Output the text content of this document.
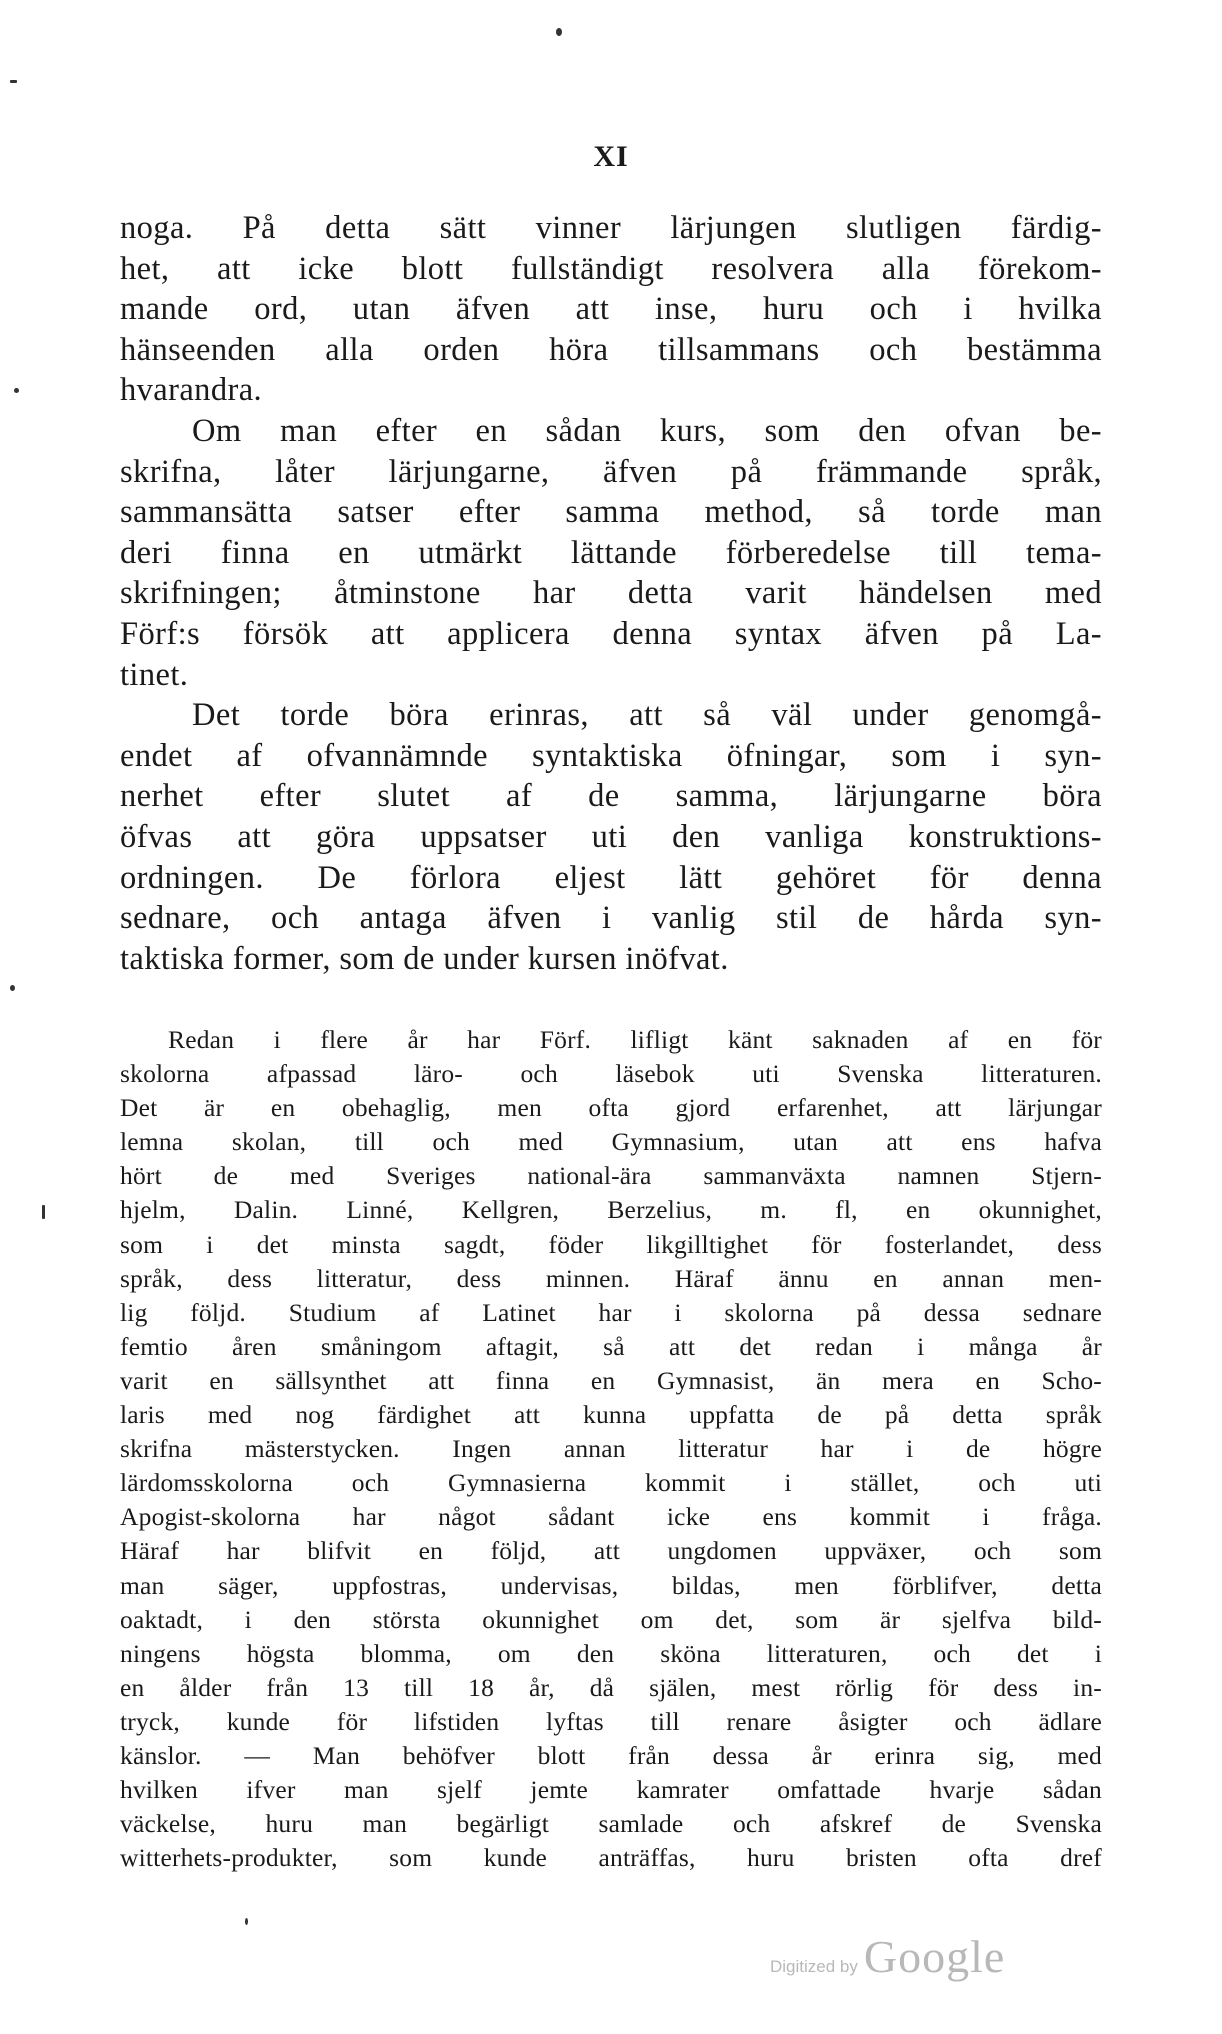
XI
noga. På detta sätt vinner lärjungen slutligen färdig-
het, att icke blott fullständigt resolvera alla förekom-
mande ord, utan äfven att inse, huru och i hvilka
hänseenden alla orden höra tillsammans och bestämma
hvarandra.
Om man efter en sådan kurs, som den ofvan be-
skrifna, låter lärjungarne, äfven på främmande språk,
sammansätta satser efter samma method, så torde man
deri finna en utmärkt lättande förberedelse till tema-
skrifningen; åtminstone har detta varit händelsen med
Förf:s försök att applicera denna syntax äfven på La-
tinet.
Det torde böra erinras, att så väl under genomgå-
endet af ofvannämnde syntaktiska öfningar, som i syn-
nerhet efter slutet af de samma, lärjungarne böra
öfvas att göra uppsatser uti den vanliga konstruktions-
ordningen. De förlora eljest lätt gehöret för denna
sednare, och antaga äfven i vanlig stil de hårda syn-
taktiska former, som de under kursen inöfvat.
Redan i flere år har Förf. lifligt känt saknaden af en för
skolorna afpassad läro- och läsebok uti Svenska litteraturen.
Det är en obehaglig, men ofta gjord erfarenhet, att lärjungar
lemna skolan, till och med Gymnasium, utan att ens hafva
hört de med Sveriges national-ära sammanväxta namnen Stjern-
hjelm, Dalin. Linné, Kellgren, Berzelius, m. fl, en okunnighet,
som i det minsta sagdt, föder likgilltighet för fosterlandet, dess
språk, dess litteratur, dess minnen. Häraf ännu en annan men-
lig följd. Studium af Latinet har i skolorna på dessa sednare
femtio åren småningom aftagit, så att det redan i många år
varit en sällsynthet att finna en Gymnasist, än mera en Scho-
laris med nog färdighet att kunna uppfatta de på detta språk
skrifna mästerstycken. Ingen annan litteratur har i de högre
lärdomsskolorna och Gymnasierna kommit i stället, och uti
Apogist-skolorna har något sådant icke ens kommit i fråga.
Häraf har blifvit en följd, att ungdomen uppväxer, och som
man säger, uppfostras, undervisas, bildas, men förblifver, detta
oaktadt, i den största okunnighet om det, som är sjelfva bild-
ningens högsta blomma, om den sköna litteraturen, och det i
en ålder från 13 till 18 år, då själen, mest rörlig för dess in-
tryck, kunde för lifstiden lyftas till renare åsigter och ädlare
känslor. — Man behöfver blott från dessa år erinra sig, med
hvilken ifver man sjelf jemte kamrater omfattade hvarje sådan
väckelse, huru man begärligt samlade och afskref de Svenska
witterhets-produkter, som kunde anträffas, huru bristen ofta dref
Digitized by Google
